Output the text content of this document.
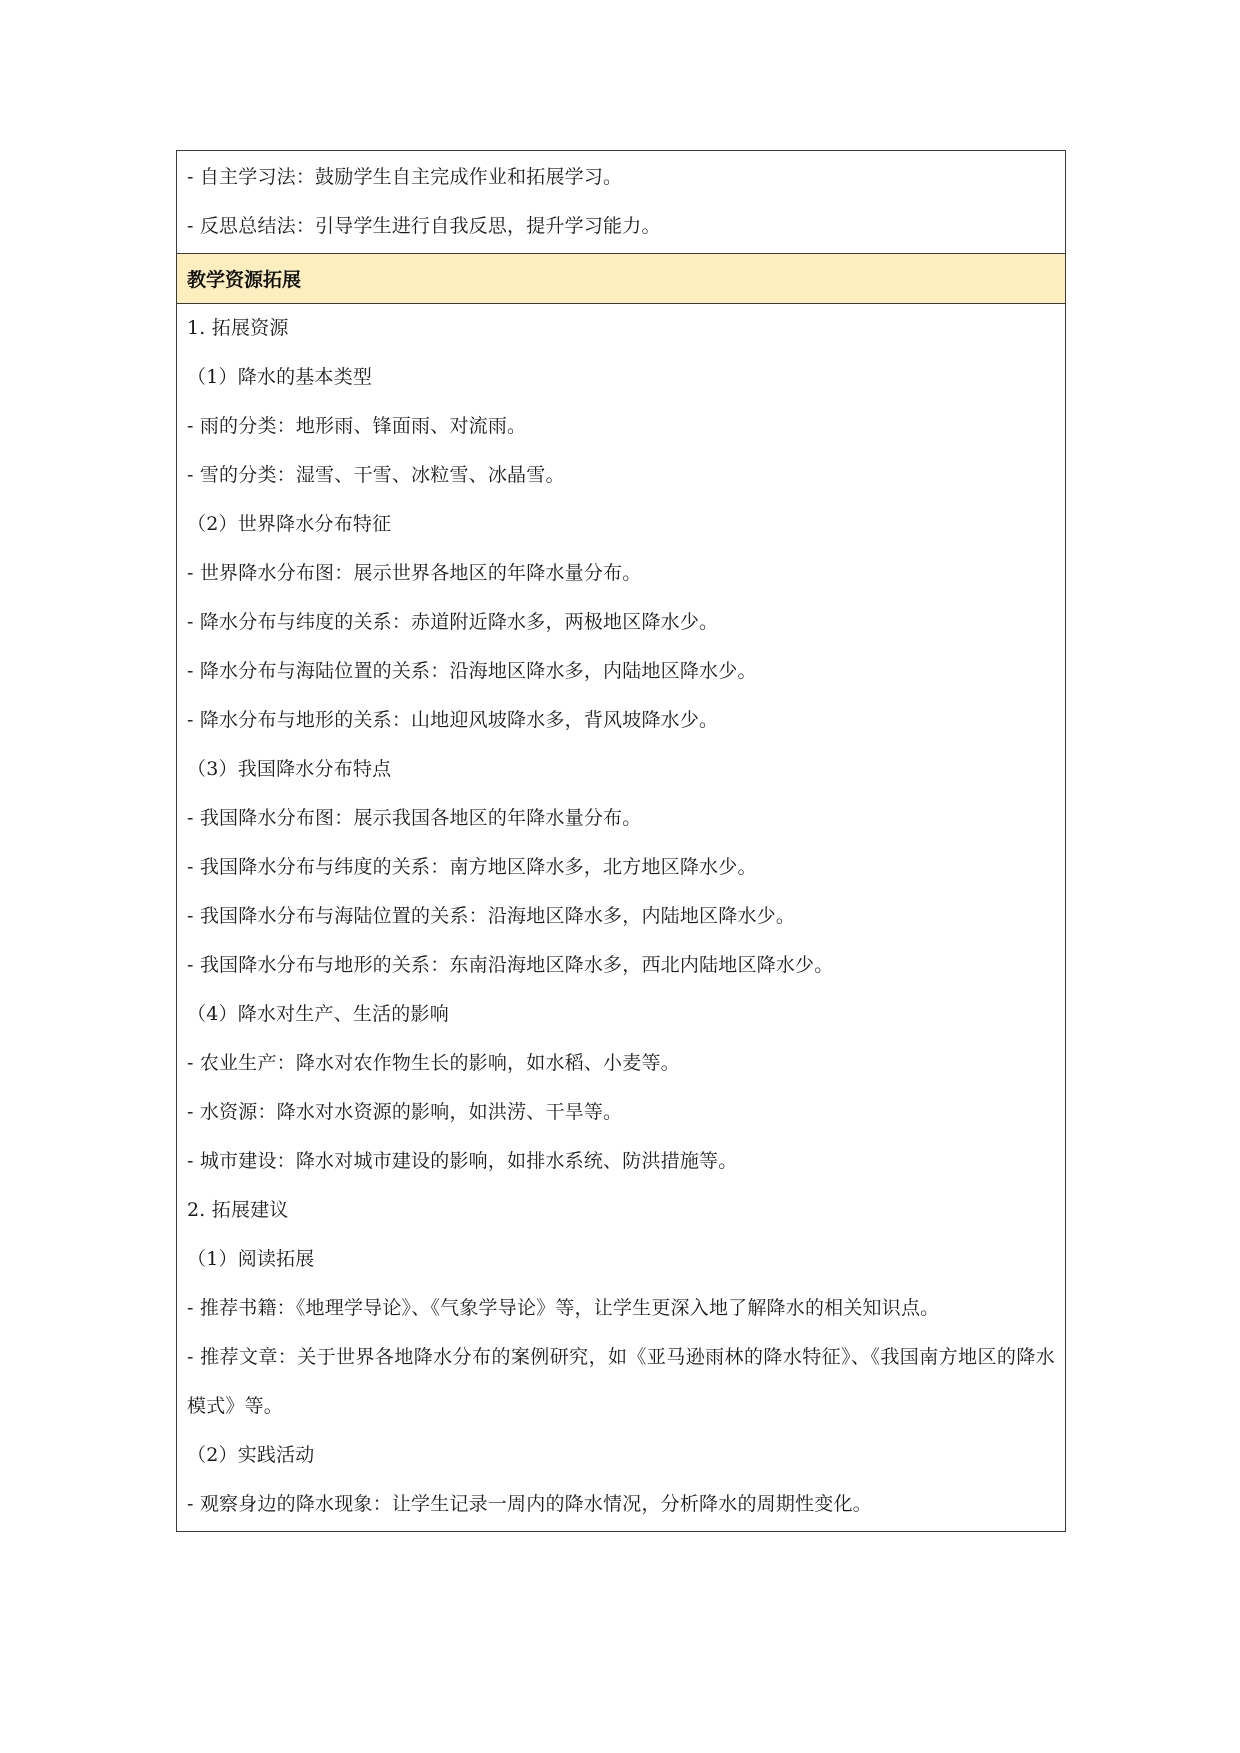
- 自主学习法：鼓励学生自主完成作业和拓展学习。
- 反思总结法：引导学生进行自我反思，提升学习能力。
教学资源拓展
1. 拓展资源
（1）降水的基本类型
- 雨的分类：地形雨、锋面雨、对流雨。
- 雪的分类：湿雪、干雪、冰粒雪、冰晶雪。
（2）世界降水分布特征
- 世界降水分布图：展示世界各地区的年降水量分布。
- 降水分布与纬度的关系：赤道附近降水多，两极地区降水少。
- 降水分布与海陆位置的关系：沿海地区降水多，内陆地区降水少。
- 降水分布与地形的关系：山地迎风坡降水多，背风坡降水少。
（3）我国降水分布特点
- 我国降水分布图：展示我国各地区的年降水量分布。
- 我国降水分布与纬度的关系：南方地区降水多，北方地区降水少。
- 我国降水分布与海陆位置的关系：沿海地区降水多，内陆地区降水少。
- 我国降水分布与地形的关系：东南沿海地区降水多，西北内陆地区降水少。
（4）降水对生产、生活的影响
- 农业生产：降水对农作物生长的影响，如水稻、小麦等。
- 水资源：降水对水资源的影响，如洪涝、干旱等。
- 城市建设：降水对城市建设的影响，如排水系统、防洪措施等。
2. 拓展建议
（1）阅读拓展
- 推荐书籍：《地理学导论》、《气象学导论》等，让学生更深入地了解降水的相关知识点。
- 推荐文章：关于世界各地降水分布的案例研究，如《亚马逊雨林的降水特征》、《我国南方地区的降水模式》等。
（2）实践活动
- 观察身边的降水现象：让学生记录一周内的降水情况，分析降水的周期性变化。
